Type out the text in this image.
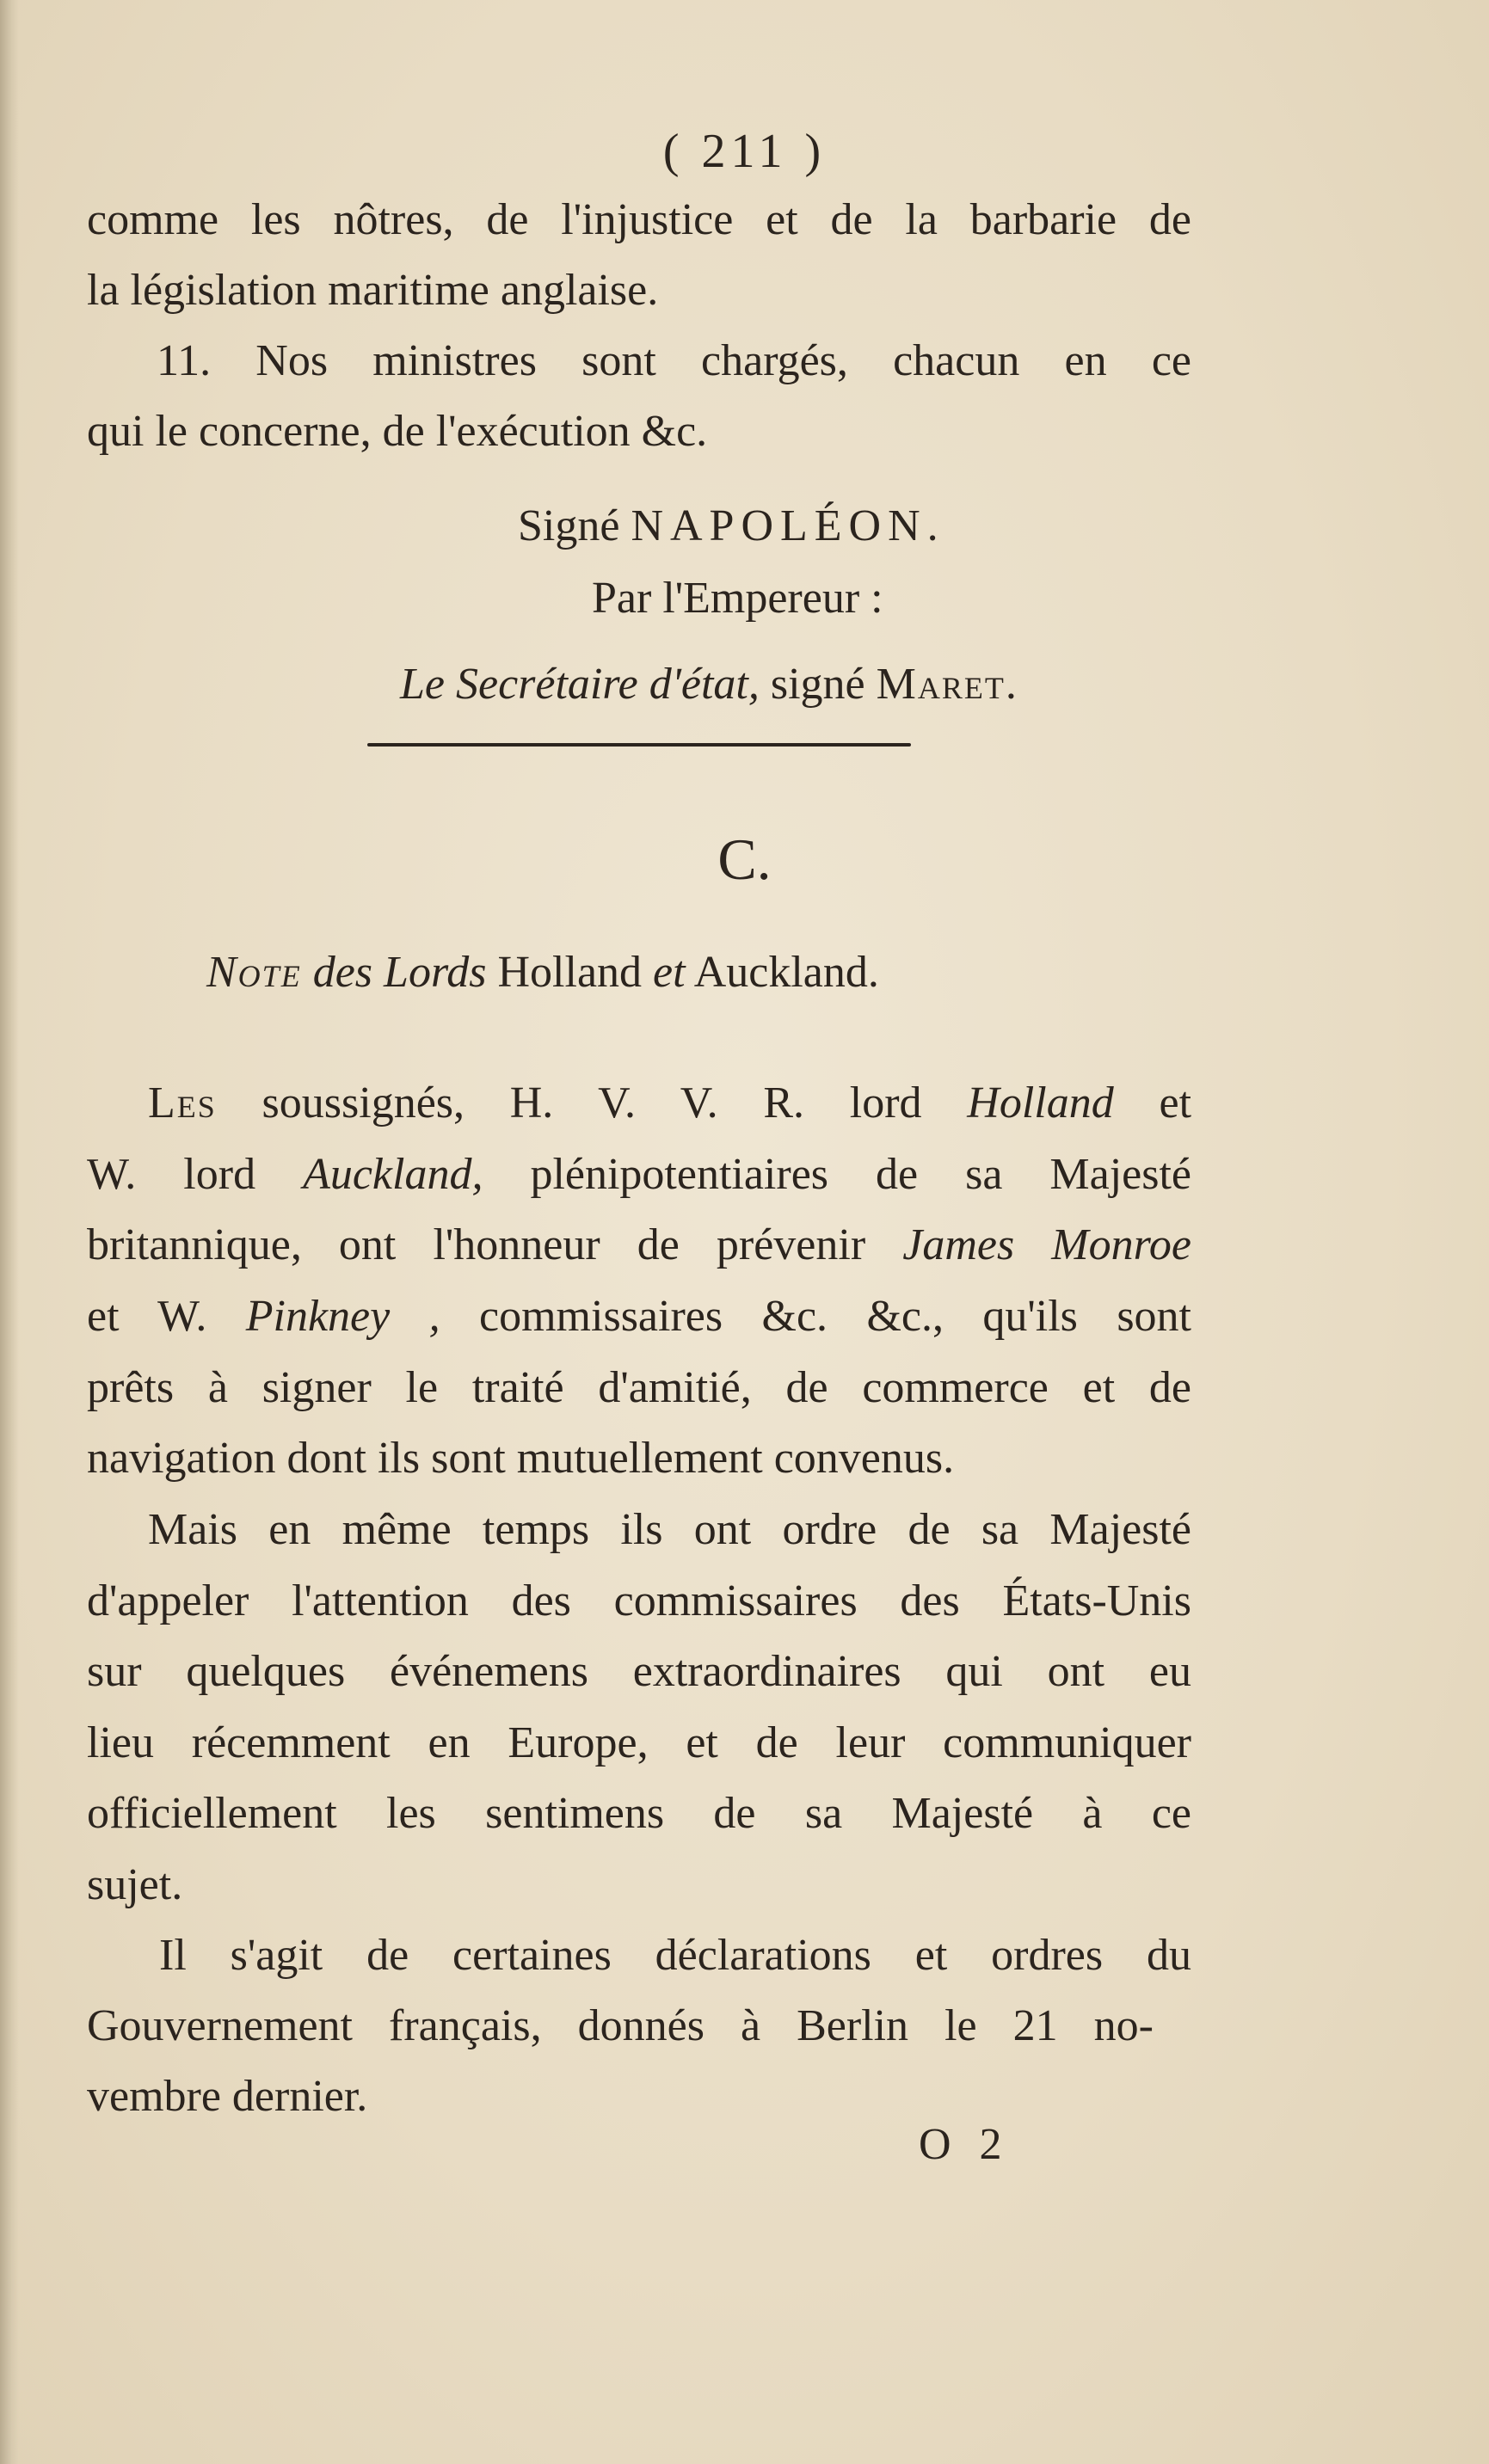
( 211 )
comme les nôtres, de l'injustice et de la barbarie de
la législation maritime anglaise.
11. Nos ministres sont chargés, chacun en ce
qui le concerne, de l'exécution &c.
Signé NAPOLÉON.
Par l'Empereur :
Le Secrétaire d'état, signé Maret.
C.
Note des Lords Holland et Auckland.
Les soussignés, H. V. V. R. lord Holland et
W. lord Auckland, plénipotentiaires de sa Majesté
britannique, ont l'honneur de prévenir James Monroe
et W. Pinkney , commissaires &c. &c., qu'ils sont
prêts à signer le traité d'amitié, de commerce et de
navigation dont ils sont mutuellement convenus.
Mais en même temps ils ont ordre de sa Majesté
d'appeler l'attention des commissaires des États-Unis
sur quelques événemens extraordinaires qui ont eu
lieu récemment en Europe, et de leur communiquer
officiellement les sentimens de sa Majesté à ce
sujet.
Il s'agit de certaines déclarations et ordres du
Gouvernement français, donnés à Berlin le 21 no-
vembre dernier.
O 2
